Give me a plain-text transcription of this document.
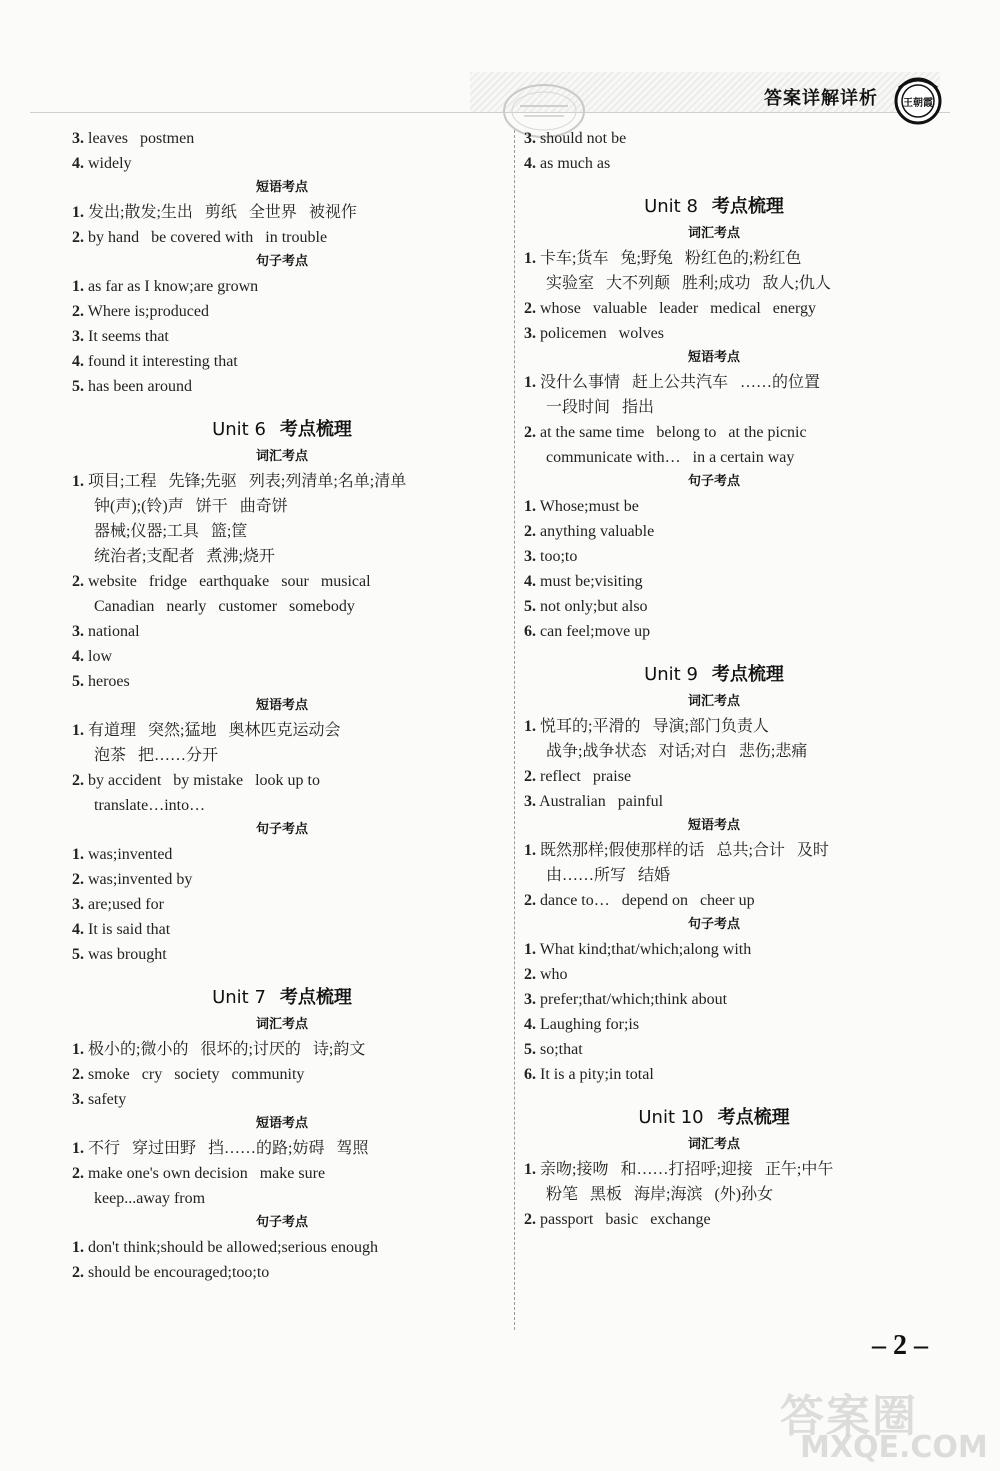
答案详解详析	王朝霞
3. leaves   postmen
4. widely
短语考点
1. 发出;散发;生出   剪纸   全世界   被视作
2. by hand   be covered with   in trouble
句子考点
1. as far as I know;are grown
2. Where is;produced
3. It seems that
4. found it interesting that
5. has been around
Unit 6 考点梳理
词汇考点
1. 项目;工程   先锋;先驱   列表;列清单;名单;清单
钟(声);(铃)声   饼干   曲奇饼
器械;仪器;工具   篮;筐
统治者;支配者   煮沸;烧开
2. website   fridge   earthquake   sour   musical
Canadian   nearly   customer   somebody
3. national
4. low
5. heroes
短语考点
1. 有道理   突然;猛地   奥林匹克运动会
泡茶   把……分开
2. by accident   by mistake   look up to
translate…into…
句子考点
1. was;invented
2. was;invented by
3. are;used for
4. It is said that
5. was brought
Unit 7 考点梳理
词汇考点
1. 极小的;微小的   很坏的;讨厌的   诗;韵文
2. smoke   cry   society   community
3. safety
短语考点
1. 不行   穿过田野   挡……的路;妨碍   驾照
2. make one's own decision   make sure
keep...away from
句子考点
1. don't think;should be allowed;serious enough
2. should be encouraged;too;to
3. should not be
4. as much as
Unit 8 考点梳理
词汇考点
1. 卡车;货车   兔;野兔   粉红色的;粉红色
实验室   大不列颠   胜利;成功   敌人;仇人
2. whose   valuable   leader   medical   energy
3. policemen   wolves
短语考点
1. 没什么事情   赶上公共汽车   ……的位置
一段时间   指出
2. at the same time   belong to   at the picnic
communicate with…   in a certain way
句子考点
1. Whose;must be
2. anything valuable
3. too;to
4. must be;visiting
5. not only;but also
6. can feel;move up
Unit 9 考点梳理
词汇考点
1. 悦耳的;平滑的   导演;部门负责人
战争;战争状态   对话;对白   悲伤;悲痛
2. reflect   praise
3. Australian   painful
短语考点
1. 既然那样;假使那样的话   总共;合计   及时
由……所写   结婚
2. dance to…   depend on   cheer up
句子考点
1. What kind;that/which;along with
2. who
3. prefer;that/which;think about
4. Laughing for;is
5. so;that
6. It is a pity;in total
Unit 10 考点梳理
词汇考点
1. 亲吻;接吻   和……打招呼;迎接   正午;中午
粉笔   黑板   海岸;海滨   (外)孙女
2. passport   basic   exchange
– 2 –
答案圈
MXQE.COM
